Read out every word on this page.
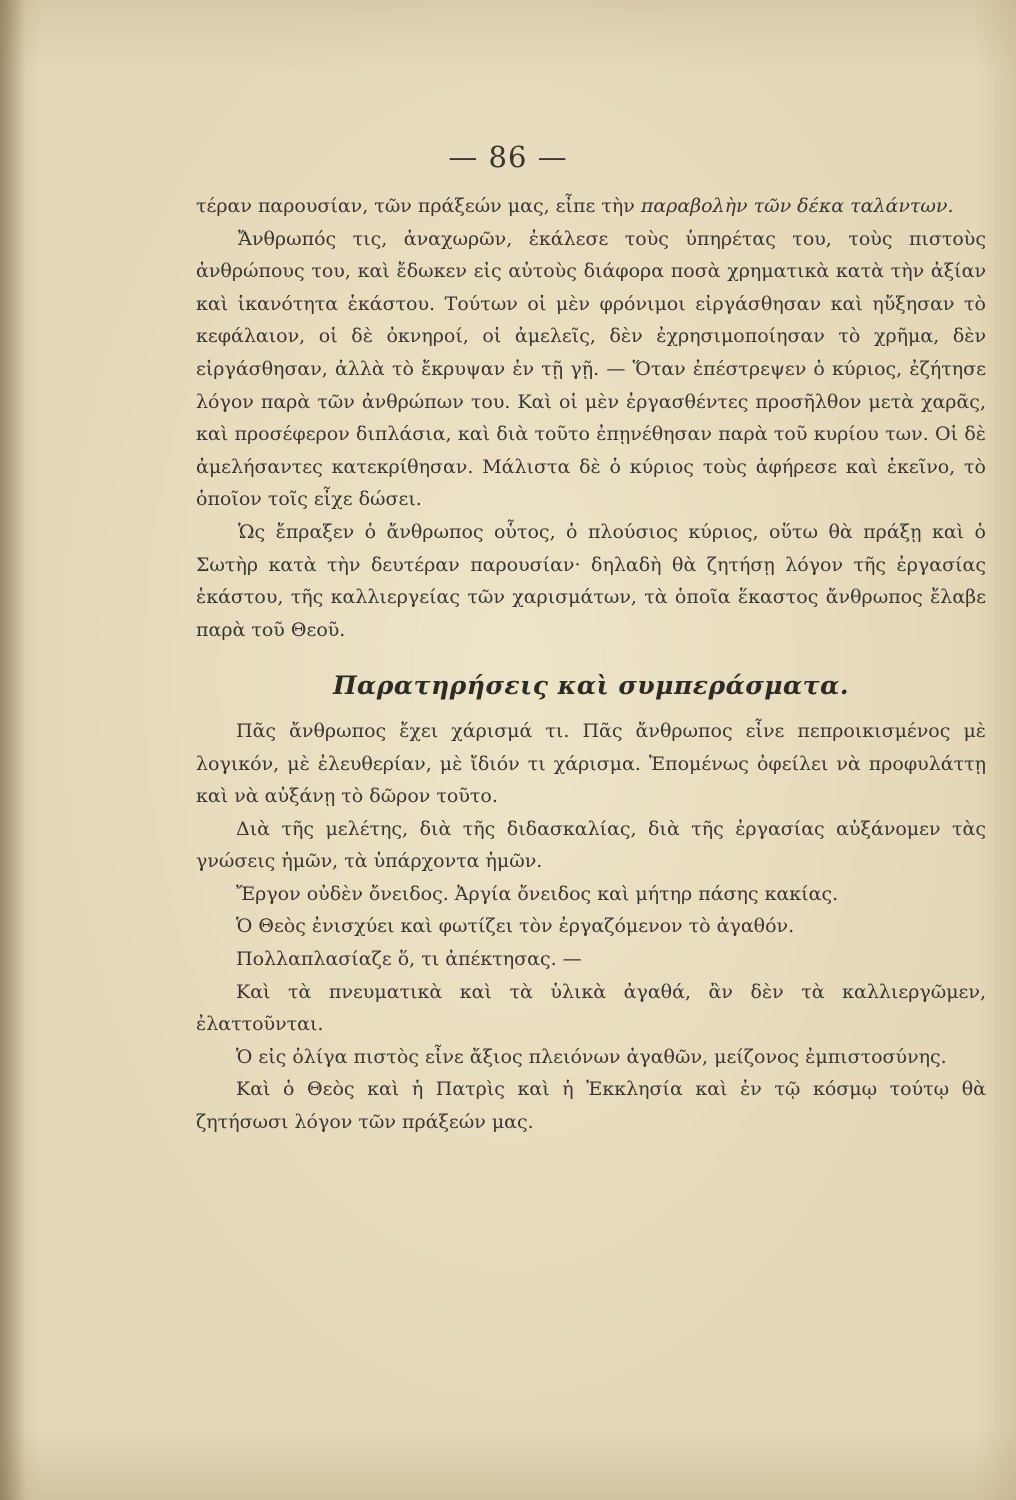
— 86 —

τέραν παρουσίαν, τῶν πράξεών μας, εἶπε τὴν παραβολὴν τῶν δέκα ταλάντων.

Ἄνθρωπός τις, ἀναχωρῶν, ἐκάλεσε τοὺς ὑπηρέτας του, τοὺς πιστοὺς ἀνθρώπους του, καὶ ἔδωκεν εἰς αὐτοὺς διάφορα ποσὰ χρηματικὰ κατὰ τὴν ἀξίαν καὶ ἱκανότητα ἑκάστου. Τούτων οἱ μὲν φρόνιμοι εἰργάσθησαν καὶ ηὔξησαν τὸ κεφάλαιον, οἱ δὲ ὀκνηροί, οἱ ἀμελεῖς, δὲν ἐχρησιμοποίησαν τὸ χρῆμα, δὲν εἰργάσθησαν, ἀλλὰ τὸ ἔκρυψαν ἐν τῇ γῇ. — Ὅταν ἐπέστρεψεν ὁ κύριος, ἐζήτησε λόγον παρὰ τῶν ἀνθρώπων του. Καὶ οἱ μὲν ἐργασθέντες προσῆλθον μετὰ χαρᾶς, καὶ προσέφερον διπλάσια, καὶ διὰ τοῦτο ἐπῃνέθησαν παρὰ τοῦ κυρίου των. Οἱ δὲ ἀμελήσαντες κατεκρίθησαν. Μάλιστα δὲ ὁ κύριος τοὺς ἀφήρεσε καὶ ἐκεῖνο, τὸ ὁποῖον τοῖς εἶχε δώσει.

Ὡς ἔπραξεν ὁ ἄνθρωπος οὗτος, ὁ πλούσιος κύριος, οὕτω θὰ πράξῃ καὶ ὁ Σωτὴρ κατὰ τὴν δευτέραν παρουσίαν· δηλαδὴ θὰ ζητήσῃ λόγον τῆς ἐργασίας ἑκάστου, τῆς καλλιεργείας τῶν χαρισμάτων, τὰ ὁποῖα ἕκαστος ἄνθρωπος ἔλαβε παρὰ τοῦ Θεοῦ.

Παρατηρήσεις καὶ συμπεράσματα.

Πᾶς ἄνθρωπος ἔχει χάρισμά τι. Πᾶς ἄνθρωπος εἶνε πεπροικισμένος μὲ λογικόν, μὲ ἐλευθερίαν, μὲ ἴδιόν τι χάρισμα. Ἐπομένως ὀφείλει νὰ προφυλάττῃ καὶ νὰ αὐξάνῃ τὸ δῶρον τοῦτο.

Διὰ τῆς μελέτης, διὰ τῆς διδασκαλίας, διὰ τῆς ἐργασίας αὐξάνομεν τὰς γνώσεις ἡμῶν, τὰ ὑπάρχοντα ἡμῶν.

Ἔργον οὐδὲν ὄνειδος. Ἀργία ὄνειδος καὶ μήτηρ πάσης κακίας.

Ὁ Θεὸς ἐνισχύει καὶ φωτίζει τὸν ἐργαζόμενον τὸ ἀγαθόν.

Πολλαπλασίαζε ὅ, τι ἀπέκτησας. —

Καὶ τὰ πνευματικὰ καὶ τὰ ὑλικὰ ἀγαθά, ἂν δὲν τὰ καλλιεργῶμεν, ἐλαττοῦνται.

Ὁ εἰς ὀλίγα πιστὸς εἶνε ἄξιος πλειόνων ἀγαθῶν, μείζονος ἐμπιστοσύνης.

Καὶ ὁ Θεὸς καὶ ἡ Πατρὶς καὶ ἡ Ἐκκλησία καὶ ἐν τῷ κόσμῳ τούτῳ θὰ ζητήσωσι λόγον τῶν πράξεών μας.
